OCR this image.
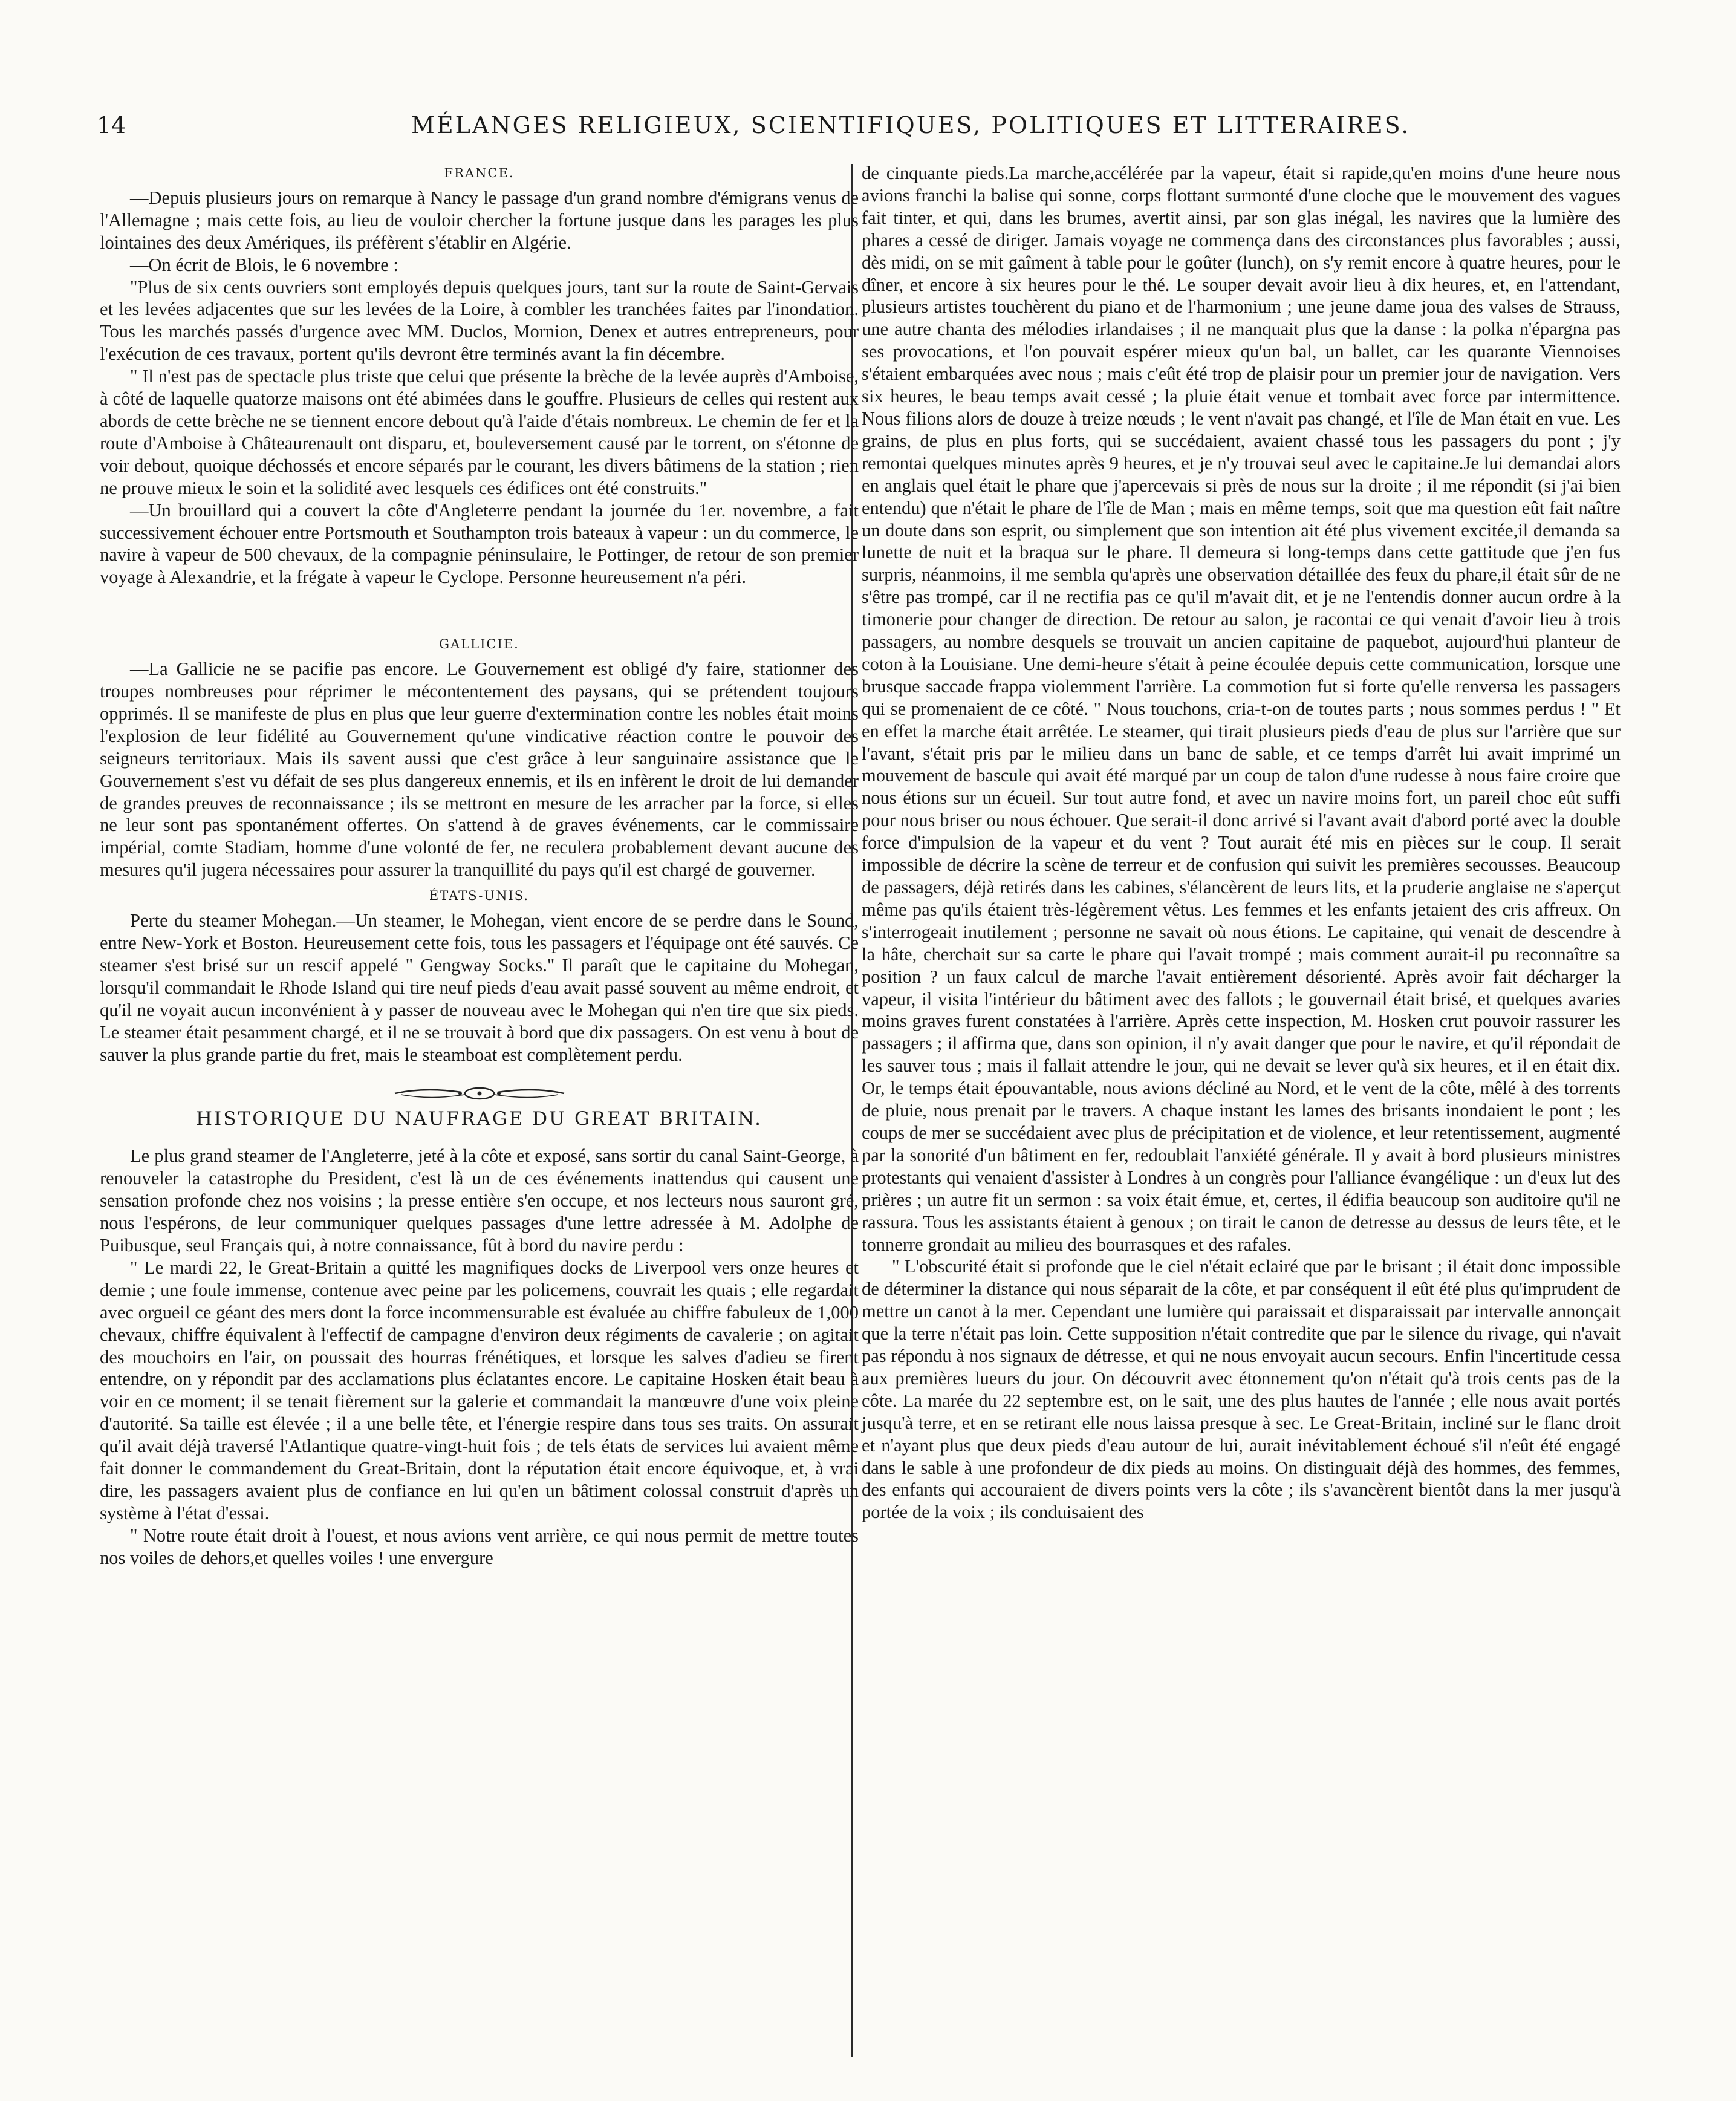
14	MÉLANGES RELIGIEUX, SCIENTIFIQUES, POLITIQUES ET LITTERAIRES.
FRANCE.

—Depuis plusieurs jours on remarque à Nancy le passage d'un grand nombre d'émigrans venus de l'Allemagne ; mais cette fois, au lieu de vouloir chercher la fortune jusque dans les parages les plus lointaines des deux Amériques, ils préfèrent s'établir en Algérie.

—On écrit de Blois, le 6 novembre :

"Plus de six cents ouvriers sont employés depuis quelques jours, tant sur la route de Saint-Gervais et les levées adjacentes que sur les levées de la Loire, à combler les tranchées faites par l'inondation. Tous les marchés passés d'urgence avec MM. Duclos, Mornion, Denex et autres entrepreneurs, pour l'exécution de ces travaux, portent qu'ils devront être terminés avant la fin décembre.

" Il n'est pas de spectacle plus triste que celui que présente la brèche de la levée auprès d'Amboise, à côté de laquelle quatorze maisons ont été abimées dans le gouffre. Plusieurs de celles qui restent aux abords de cette brèche ne se tiennent encore debout qu'à l'aide d'étais nombreux. Le chemin de fer et la route d'Amboise à Châteaurenault ont disparu, et, bouleversement causé par le torrent, on s'étonne de voir debout, quoique déchossés et encore séparés par le courant, les divers bâtimens de la station ; rien ne prouve mieux le soin et la solidité avec lesquels ces édifices ont été construits."

—Un brouillard qui a couvert la côte d'Angleterre pendant la journée du 1er. novembre, a fait successivement échouer entre Portsmouth et Southampton trois bateaux à vapeur : un du commerce, le navire à vapeur de 500 chevaux, de la compagnie péninsulaire, le Pottinger, de retour de son premier voyage à Alexandrie, et la frégate à vapeur le Cyclope. Personne heureusement n'a péri.

GALLICIE.

—La Gallicie ne se pacifie pas encore. Le Gouvernement est obligé d'y faire, stationner des troupes nombreuses pour réprimer le mécontentement des paysans, qui se prétendent toujours opprimés. Il se manifeste de plus en plus que leur guerre d'extermination contre les nobles était moins l'explosion de leur fidélité au Gouvernement qu'une vindicative réaction contre le pouvoir des seigneurs territoriaux. Mais ils savent aussi que c'est grâce à leur sanguinaire assistance que le Gouvernement s'est vu défait de ses plus dangereux ennemis, et ils en infèrent le droit de lui demander de grandes preuves de reconnaissance ; ils se mettront en mesure de les arracher par la force, si elles ne leur sont pas spontanément offertes. On s'attend à de graves événements, car le commissaire impérial, comte Stadiam, homme d'une volonté de fer, ne reculera probablement devant aucune des mesures qu'il jugera nécessaires pour assurer la tranquillité du pays qu'il est chargé de gouverner.

ÉTATS-UNIS.

Perte du steamer Mohegan.—Un steamer, le Mohegan, vient encore de se perdre dans le Sound, entre New-York et Boston. Heureusement cette fois, tous les passagers et l'équipage ont été sauvés. Ce steamer s'est brisé sur un rescif appelé " Gengway Socks." Il paraît que le capitaine du Mohegan, lorsqu'il commandait le Rhode Island qui tire neuf pieds d'eau avait passé souvent au même endroit, et qu'il ne voyait aucun inconvénient à y passer de nouveau avec le Mohegan qui n'en tire que six pieds. Le steamer était pesamment chargé, et il ne se trouvait à bord que dix passagers. On est venu à bout de sauver la plus grande partie du fret, mais le steamboat est complètement perdu.

HISTORIQUE DU NAUFRAGE DU GREAT BRITAIN.

Le plus grand steamer de l'Angleterre, jeté à la côte et exposé, sans sortir du canal Saint-George, à renouveler la catastrophe du President, c'est là un de ces événements inattendus qui causent une sensation profonde chez nos voisins ; la presse entière s'en occupe, et nos lecteurs nous sauront gré, nous l'espérons, de leur communiquer quelques passages d'une lettre adressée à M. Adolphe de Puibusque, seul Français qui, à notre connaissance, fût à bord du navire perdu :

" Le mardi 22, le Great-Britain a quitté les magnifiques docks de Liverpool vers onze heures et demie ; une foule immense, contenue avec peine par les policemens, couvrait les quais ; elle regardait avec orgueil ce géant des mers dont la force incommensurable est évaluée au chiffre fabuleux de 1,000 chevaux, chiffre équivalent à l'effectif de campagne d'environ deux régiments de cavalerie ; on agitait des mouchoirs en l'air, on poussait des hourras frénétiques, et lorsque les salves d'adieu se firent entendre, on y répondit par des acclamations plus éclatantes encore. Le capitaine Hosken était beau à voir en ce moment; il se tenait fièrement sur la galerie et commandait la manœuvre d'une voix pleine d'autorité. Sa taille est élevée ; il a une belle tête, et l'énergie respire dans tous ses traits. On assurait qu'il avait déjà traversé l'Atlantique quatre-vingt-huit fois ; de tels états de services lui avaient même fait donner le commandement du Great-Britain, dont la réputation était encore équivoque, et, à vrai dire, les passagers avaient plus de confiance en lui qu'en un bâtiment colossal construit d'après un système à l'état d'essai.

" Notre route était droit à l'ouest, et nous avions vent arrière, ce qui nous permit de mettre toutes nos voiles de dehors,et quelles voiles ! une envergure

de cinquante pieds.La marche,accélérée par la vapeur, était si rapide,qu'en moins d'une heure nous avions franchi la balise qui sonne, corps flottant surmonté d'une cloche que le mouvement des vagues fait tinter, et qui, dans les brumes, avertit ainsi, par son glas inégal, les navires que la lumière des phares a cessé de diriger. Jamais voyage ne commença dans des circonstances plus favorables ; aussi, dès midi, on se mit gaîment à table pour le goûter (lunch), on s'y remit encore à quatre heures, pour le dîner, et encore à six heures pour le thé. Le souper devait avoir lieu à dix heures, et, en l'attendant, plusieurs artistes touchèrent du piano et de l'harmonium ; une jeune dame joua des valses de Strauss, une autre chanta des mélodies irlandaises ; il ne manquait plus que la danse : la polka n'épargna pas ses provocations, et l'on pouvait espérer mieux qu'un bal, un ballet, car les quarante Viennoises s'étaient embarquées avec nous ; mais c'eût été trop de plaisir pour un premier jour de navigation. Vers six heures, le beau temps avait cessé ; la pluie était venue et tombait avec force par intermittence. Nous filions alors de douze à treize nœuds ; le vent n'avait pas changé, et l'île de Man était en vue. Les grains, de plus en plus forts, qui se succédaient, avaient chassé tous les passagers du pont ; j'y remontai quelques minutes après 9 heures, et je n'y trouvai seul avec le capitaine.Je lui demandai alors en anglais quel était le phare que j'apercevais si près de nous sur la droite ; il me répondit (si j'ai bien entendu) que n'était le phare de l'île de Man ; mais en même temps, soit que ma question eût fait naître un doute dans son esprit, ou simplement que son intention ait été plus vivement excitée,il demanda sa lunette de nuit et la braqua sur le phare. Il demeura si long-temps dans cette gattitude que j'en fus surpris, néanmoins, il me sembla qu'après une observation détaillée des feux du phare,il était sûr de ne s'être pas trompé, car il ne rectifia pas ce qu'il m'avait dit, et je ne l'entendis donner aucun ordre à la timonerie pour changer de direction. De retour au salon, je racontai ce qui venait d'avoir lieu à trois passagers, au nombre desquels se trouvait un ancien capitaine de paquebot, aujourd'hui planteur de coton à la Louisiane. Une demi-heure s'était à peine écoulée depuis cette communication, lorsque une brusque saccade frappa violemment l'arrière. La commotion fut si forte qu'elle renversa les passagers qui se promenaient de ce côté. " Nous touchons, cria-t-on de toutes parts ; nous sommes perdus ! " Et en effet la marche était arrêtée. Le steamer, qui tirait plusieurs pieds d'eau de plus sur l'arrière que sur l'avant, s'était pris par le milieu dans un banc de sable, et ce temps d'arrêt lui avait imprimé un mouvement de bascule qui avait été marqué par un coup de talon d'une rudesse à nous faire croire que nous étions sur un écueil. Sur tout autre fond, et avec un navire moins fort, un pareil choc eût suffi pour nous briser ou nous échouer. Que serait-il donc arrivé si l'avant avait d'abord porté avec la double force d'impulsion de la vapeur et du vent ? Tout aurait été mis en pièces sur le coup. Il serait impossible de décrire la scène de terreur et de confusion qui suivit les premières secousses. Beaucoup de passagers, déjà retirés dans les cabines, s'élancèrent de leurs lits, et la pruderie anglaise ne s'aperçut même pas qu'ils étaient très-légèrement vêtus. Les femmes et les enfants jetaient des cris affreux. On s'interrogeait inutilement ; personne ne savait où nous étions. Le capitaine, qui venait de descendre à la hâte, cherchait sur sa carte le phare qui l'avait trompé ; mais comment aurait-il pu reconnaître sa position ? un faux calcul de marche l'avait entièrement désorienté. Après avoir fait décharger la vapeur, il visita l'intérieur du bâtiment avec des fallots ; le gouvernail était brisé, et quelques avaries moins graves furent constatées à l'arrière. Après cette inspection, M. Hosken crut pouvoir rassurer les passagers ; il affirma que, dans son opinion, il n'y avait danger que pour le navire, et qu'il répondait de les sauver tous ; mais il fallait attendre le jour, qui ne devait se lever qu'à six heures, et il en était dix. Or, le temps était épouvantable, nous avions décliné au Nord, et le vent de la côte, mêlé à des torrents de pluie, nous prenait par le travers. A chaque instant les lames des brisants inondaient le pont ; les coups de mer se succédaient avec plus de précipitation et de violence, et leur retentissement, augmenté par la sonorité d'un bâtiment en fer, redoublait l'anxiété générale. Il y avait à bord plusieurs ministres protestants qui venaient d'assister à Londres à un congrès pour l'alliance évangélique : un d'eux lut des prières ; un autre fit un sermon : sa voix était émue, et, certes, il édifia beaucoup son auditoire qu'il ne rassura. Tous les assistants étaient à genoux ; on tirait le canon de detresse au dessus de leurs tête, et le tonnerre grondait au milieu des bourrasques et des rafales.

" L'obscurité était si profonde que le ciel n'était eclairé que par le brisant ; il était donc impossible de déterminer la distance qui nous séparait de la côte, et par conséquent il eût été plus qu'imprudent de mettre un canot à la mer. Cependant une lumière qui paraissait et disparaissait par intervalle annonçait que la terre n'était pas loin. Cette supposition n'était contredite que par le silence du rivage, qui n'avait pas répondu à nos signaux de détresse, et qui ne nous envoyait aucun secours. Enfin l'incertitude cessa aux premières lueurs du jour. On découvrit avec étonnement qu'on n'était qu'à trois cents pas de la côte. La marée du 22 septembre est, on le sait, une des plus hautes de l'année ; elle nous avait portés jusqu'à terre, et en se retirant elle nous laissa presque à sec. Le Great-Britain, incliné sur le flanc droit et n'ayant plus que deux pieds d'eau autour de lui, aurait inévitablement échoué s'il n'eût été engagé dans le sable à une profondeur de dix pieds au moins. On distinguait déjà des hommes, des femmes, des enfants qui accouraient de divers points vers la côte ; ils s'avancèrent bientôt dans la mer jusqu'à portée de la voix ; ils conduisaient des
